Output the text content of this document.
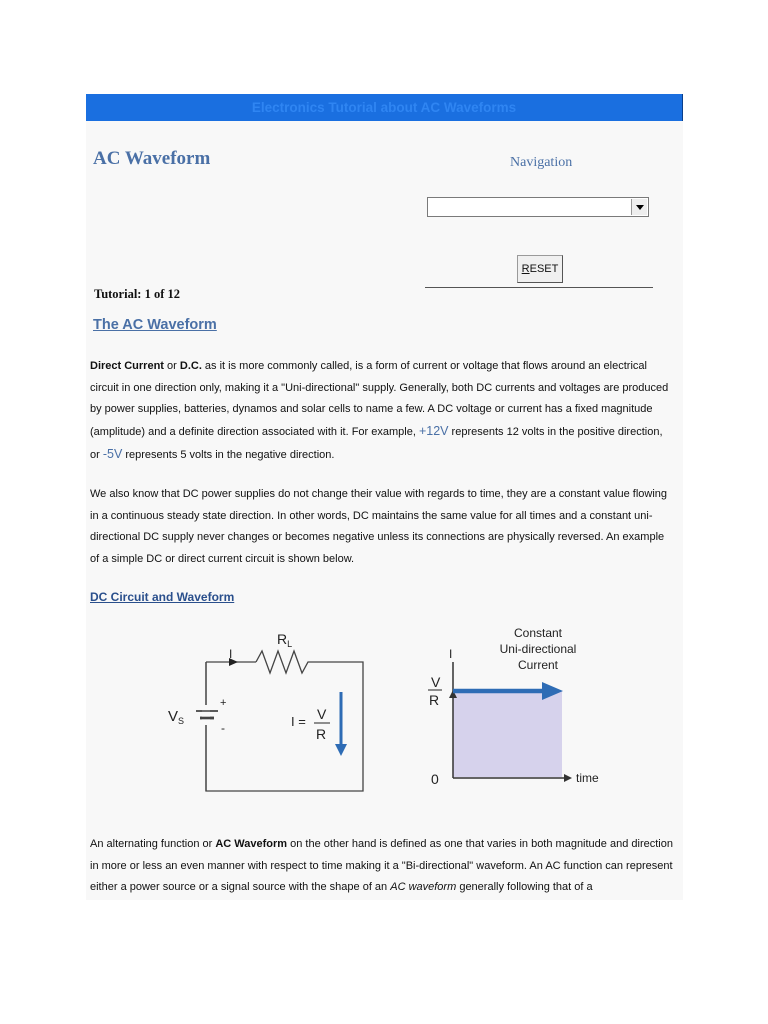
Electronics Tutorial about AC Waveforms
AC Waveform	Navigation
RESET
Tutorial: 1 of 12
The AC Waveform
Direct Current or D.C. as it is more commonly called, is a form of current or voltage that flows around an electrical circuit in one direction only, making it a "Uni-directional" supply. Generally, both DC currents and voltages are produced by power supplies, batteries, dynamos and solar cells to name a few. A DC voltage or current has a fixed magnitude (amplitude) and a definite direction associated with it. For example, +12V represents 12 volts in the positive direction, or -5V represents 5 volts in the negative direction.
We also know that DC power supplies do not change their value with regards to time, they are a constant value flowing in a continuous steady state direction. In other words, DC maintains the same value for all times and a constant uni-directional DC supply never changes or becomes negative unless its connections are physically reversed. An example of a simple DC or direct current circuit is shown below.
DC Circuit and Waveform
$R_L$
I
$V_S$
+
-	I = V
R
Constant
Uni-directional
Current
I
V
R
0	time
An alternating function or AC Waveform on the other hand is defined as one that varies in both magnitude and direction in more or less an even manner with respect to time making it a "Bi-directional" waveform. An AC function can represent either a power source or a signal source with the shape of an AC waveform generally following that of a
